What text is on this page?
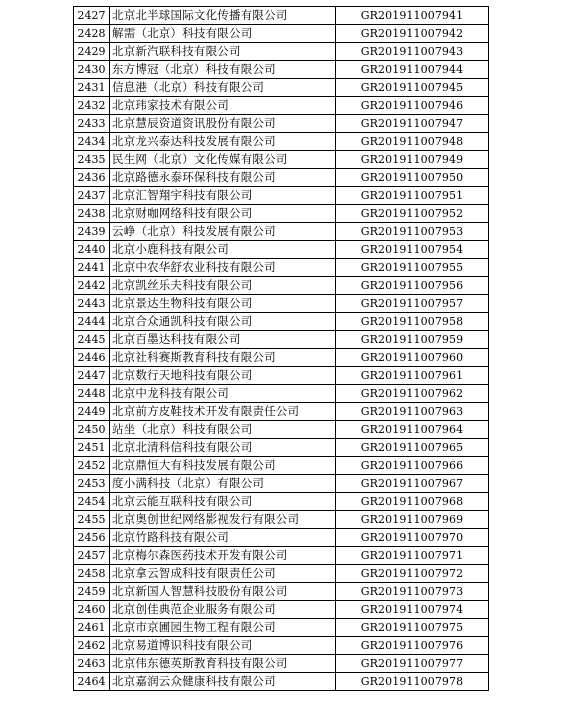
2427	北京北半球国际文化传播有限公司	GR201911007941
2428	解需（北京）科技有限公司	GR201911007942
2429	北京新汽联科技有限公司	GR201911007943
2430	东方博冠（北京）科技有限公司	GR201911007944
2431	信息港（北京）科技有限公司	GR201911007945
2432	北京玮家技术有限公司	GR201911007946
2433	北京慧辰资道资讯股份有限公司	GR201911007947
2434	北京龙兴泰达科技发展有限公司	GR201911007948
2435	民生网（北京）文化传媒有限公司	GR201911007949
2436	北京路德永泰环保科技有限公司	GR201911007950
2437	北京汇智翔宇科技有限公司	GR201911007951
2438	北京财咖网络科技有限公司	GR201911007952
2439	云峥（北京）科技发展有限公司	GR201911007953
2440	北京小鹿科技有限公司	GR201911007954
2441	北京中农华舒农业科技有限公司	GR201911007955
2442	北京凯丝乐夫科技有限公司	GR201911007956
2443	北京景达生物科技有限公司	GR201911007957
2444	北京合众通凯科技有限公司	GR201911007958
2445	北京百墨达科技有限公司	GR201911007959
2446	北京社科赛斯教育科技有限公司	GR201911007960
2447	北京数行天地科技有限公司	GR201911007961
2448	北京中龙科技有限公司	GR201911007962
2449	北京前方皮鞋技术开发有限责任公司	GR201911007963
2450	站坐（北京）科技有限公司	GR201911007964
2451	北京北清科信科技有限公司	GR201911007965
2452	北京鼎恒大有科技发展有限公司	GR201911007966
2453	度小满科技（北京）有限公司	GR201911007967
2454	北京云能互联科技有限公司	GR201911007968
2455	北京奥创世纪网络影视发行有限公司	GR201911007969
2456	北京竹路科技有限公司	GR201911007970
2457	北京梅尔森医药技术开发有限公司	GR201911007971
2458	北京拿云智成科技有限责任公司	GR201911007972
2459	北京新国人智慧科技股份有限公司	GR201911007973
2460	北京创佳典范企业服务有限公司	GR201911007974
2461	北京市京圃园生物工程有限公司	GR201911007975
2462	北京易道博识科技有限公司	GR201911007976
2463	北京伟东德英斯教育科技有限公司	GR201911007977
2464	北京嘉润云众健康科技有限公司	GR201911007978
